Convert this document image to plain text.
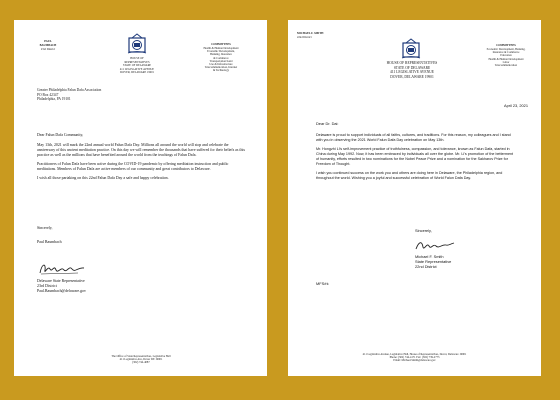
PAUL
BAUMBACH
23rd District
HOUSE OF
REPRESENTATIVES
STATE OF DELAWARE
411 LEGISLATIVE AVENUE
DOVER, DELAWARE 19901
COMMITTEES
Health & Human Development
Economic Development,
Banking, Insurance
& Commerce
Transportation/Land
Use & Infrastructure
Telecommunication, Internet
& Technology
Greater Philadelphia Falun Dafa Association
PO Box 42347
Philadelphia, PA 19101
Dear Falun Dafa Community,

May 13th, 2021 will mark the 22nd annual world Falun Dafa Day. Millions all around the world will stop and celebrate the anniversary of this ancient meditation practice. On this day we will remember the thousands that have suffered for their beliefs as this practice as well as the millions that have benefited around the world from the teachings of Falun Dafa.

Practitioners of Falun Dafa have been active during the COVID-19 pandemic by offering meditation instruction and public meditations. Members of Falun Dafa are active members of our community and great contributors to Delaware.

I wish all those partaking on this 22nd Falun Dafa Day a safe and happy celebration.

Sincerely,
Paul Baumbach
Delaware State Representative
23rd District
Paul.Baumbach@delaware.gov
The Office of State Representatives, Legislative Hall
411 Legislative Ave, Dover DE 19901
(302) 744-4087
MICHAEL F. SMITH
22nd District
HOUSE OF REPRESENTATIVES
STATE OF DELAWARE
411 LEGISLATIVE AVENUE
DOVER, DELAWARE 19901
COMMITTEES
Economic Development, Banking,
Insurance & Commerce
Education
Health & Human Development
Labor
Telecommunication
April 23, 2021
Dear Dr. Dai:

Delaware is proud to support individuals of all faiths, cultures, and traditions. For this reason, my colleagues and I stand with you in observing the 2021 World Falun Dafa Day celebration on May 13th.

Mr. Hongzhi Li's self-improvement practice of truthfulness, compassion, and tolerance, known as Falun Dafa, started in China during May 1992. Now, it has been embraced by individuals all over the globe. Mr. Li's promotion of the betterment of humanity, efforts resulted in two nominations for the Nobel Peace Prize and a nomination for the Sakharov Prize for Freedom of Thought.

I wish you continued success on the work you and others are doing here in Delaware, the Philadelphia region, and throughout the world. Wishing you a joyful and successful celebration of World Falun Dafa Day.

Sincerely,
Michael F. Smith
State Representative
22nd District
MFS/rk
411 Legislative Avenue, Legislative Hall, House of Representatives, Dover, Delaware 19901
Phone: (302) 744-4171 Fax: (302) 739-2773
Email: Michael.Smith@delaware.gov
